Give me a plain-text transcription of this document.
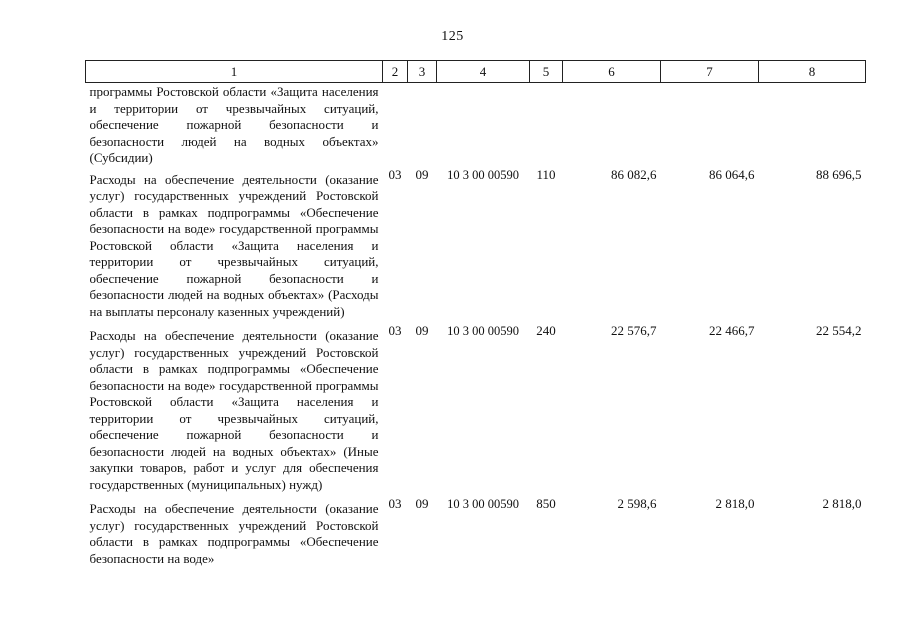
125
1	2	3	4	5	6	7	8
программы Ростовской области «Защита населения и территории от чрезвычайных ситуаций, обеспечение пожарной безопасности и безопасности людей на водных объектах» (Субсидии)							
Расходы на обеспечение деятельности (оказание услуг) государственных учреждений Ростовской области в рамках подпрограммы «Обеспечение безопасности на воде» государственной программы Ростовской области «Защита населения и территории от чрезвычайных ситуаций, обеспечение пожарной безопасности и безопасности людей на водных объектах» (Расходы на выплаты персоналу казенных учреждений)	03	09	10 3 00 00590	110	86 082,6	86 064,6	88 696,5
Расходы на обеспечение деятельности (оказание услуг) государственных учреждений Ростовской области в рамках подпрограммы «Обеспечение безопасности на воде» государственной программы Ростовской области «Защита населения и территории от чрезвычайных ситуаций, обеспечение пожарной безопасности и безопасности людей на водных объектах» (Иные закупки товаров, работ и услуг для обеспечения государственных (муниципальных) нужд)	03	09	10 3 00 00590	240	22 576,7	22 466,7	22 554,2
Расходы на обеспечение деятельности (оказание услуг) государственных учреждений Ростовской области в рамках подпрограммы «Обеспечение безопасности на воде»	03	09	10 3 00 00590	850	2 598,6	2 818,0	2 818,0
